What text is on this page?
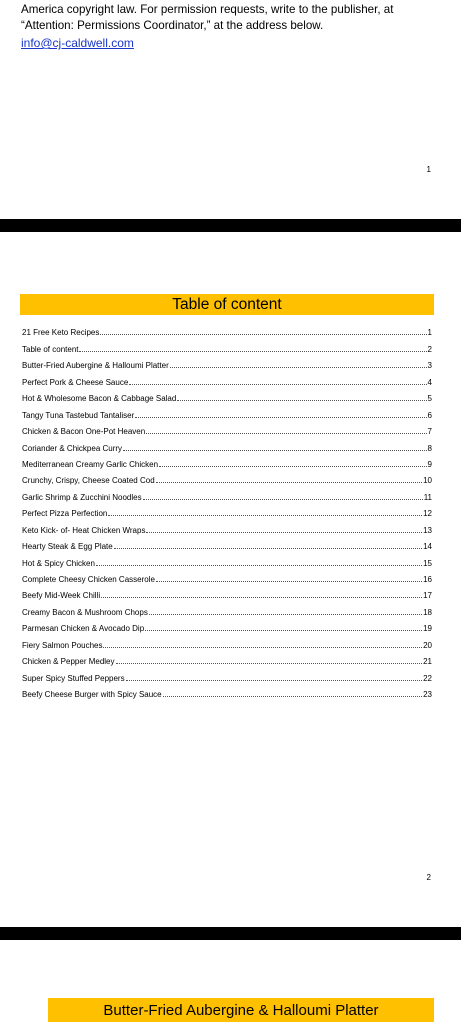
America copyright law. For permission requests, write to the publisher, at “Attention: Permissions Coordinator,” at the address below.
info@cj-caldwell.com
1
Table of content
21 Free Keto Recipes	1
Table of content	2
Butter-Fried Aubergine & Halloumi Platter	3
Perfect Pork & Cheese Sauce	4
Hot & Wholesome Bacon & Cabbage Salad	5
Tangy Tuna Tastebud Tantaliser	6
Chicken & Bacon One-Pot Heaven	7
Coriander & Chickpea Curry	8
Mediterranean Creamy Garlic Chicken	9
Crunchy, Crispy, Cheese Coated Cod	10
Garlic Shrimp & Zucchini Noodles	11
Perfect Pizza Perfection	12
Keto Kick- of- Heat Chicken Wraps	13
Hearty Steak & Egg Plate	14
Hot & Spicy Chicken	15
Complete Cheesy Chicken Casserole	16
Beefy Mid-Week Chilli	17
Creamy Bacon & Mushroom Chops	18
Parmesan Chicken & Avocado Dip	19
Fiery Salmon Pouches	20
Chicken & Pepper Medley	21
Super Spicy Stuffed Peppers	22
Beefy Cheese Burger with Spicy Sauce	23
2
Butter-Fried Aubergine & Halloumi Platter
